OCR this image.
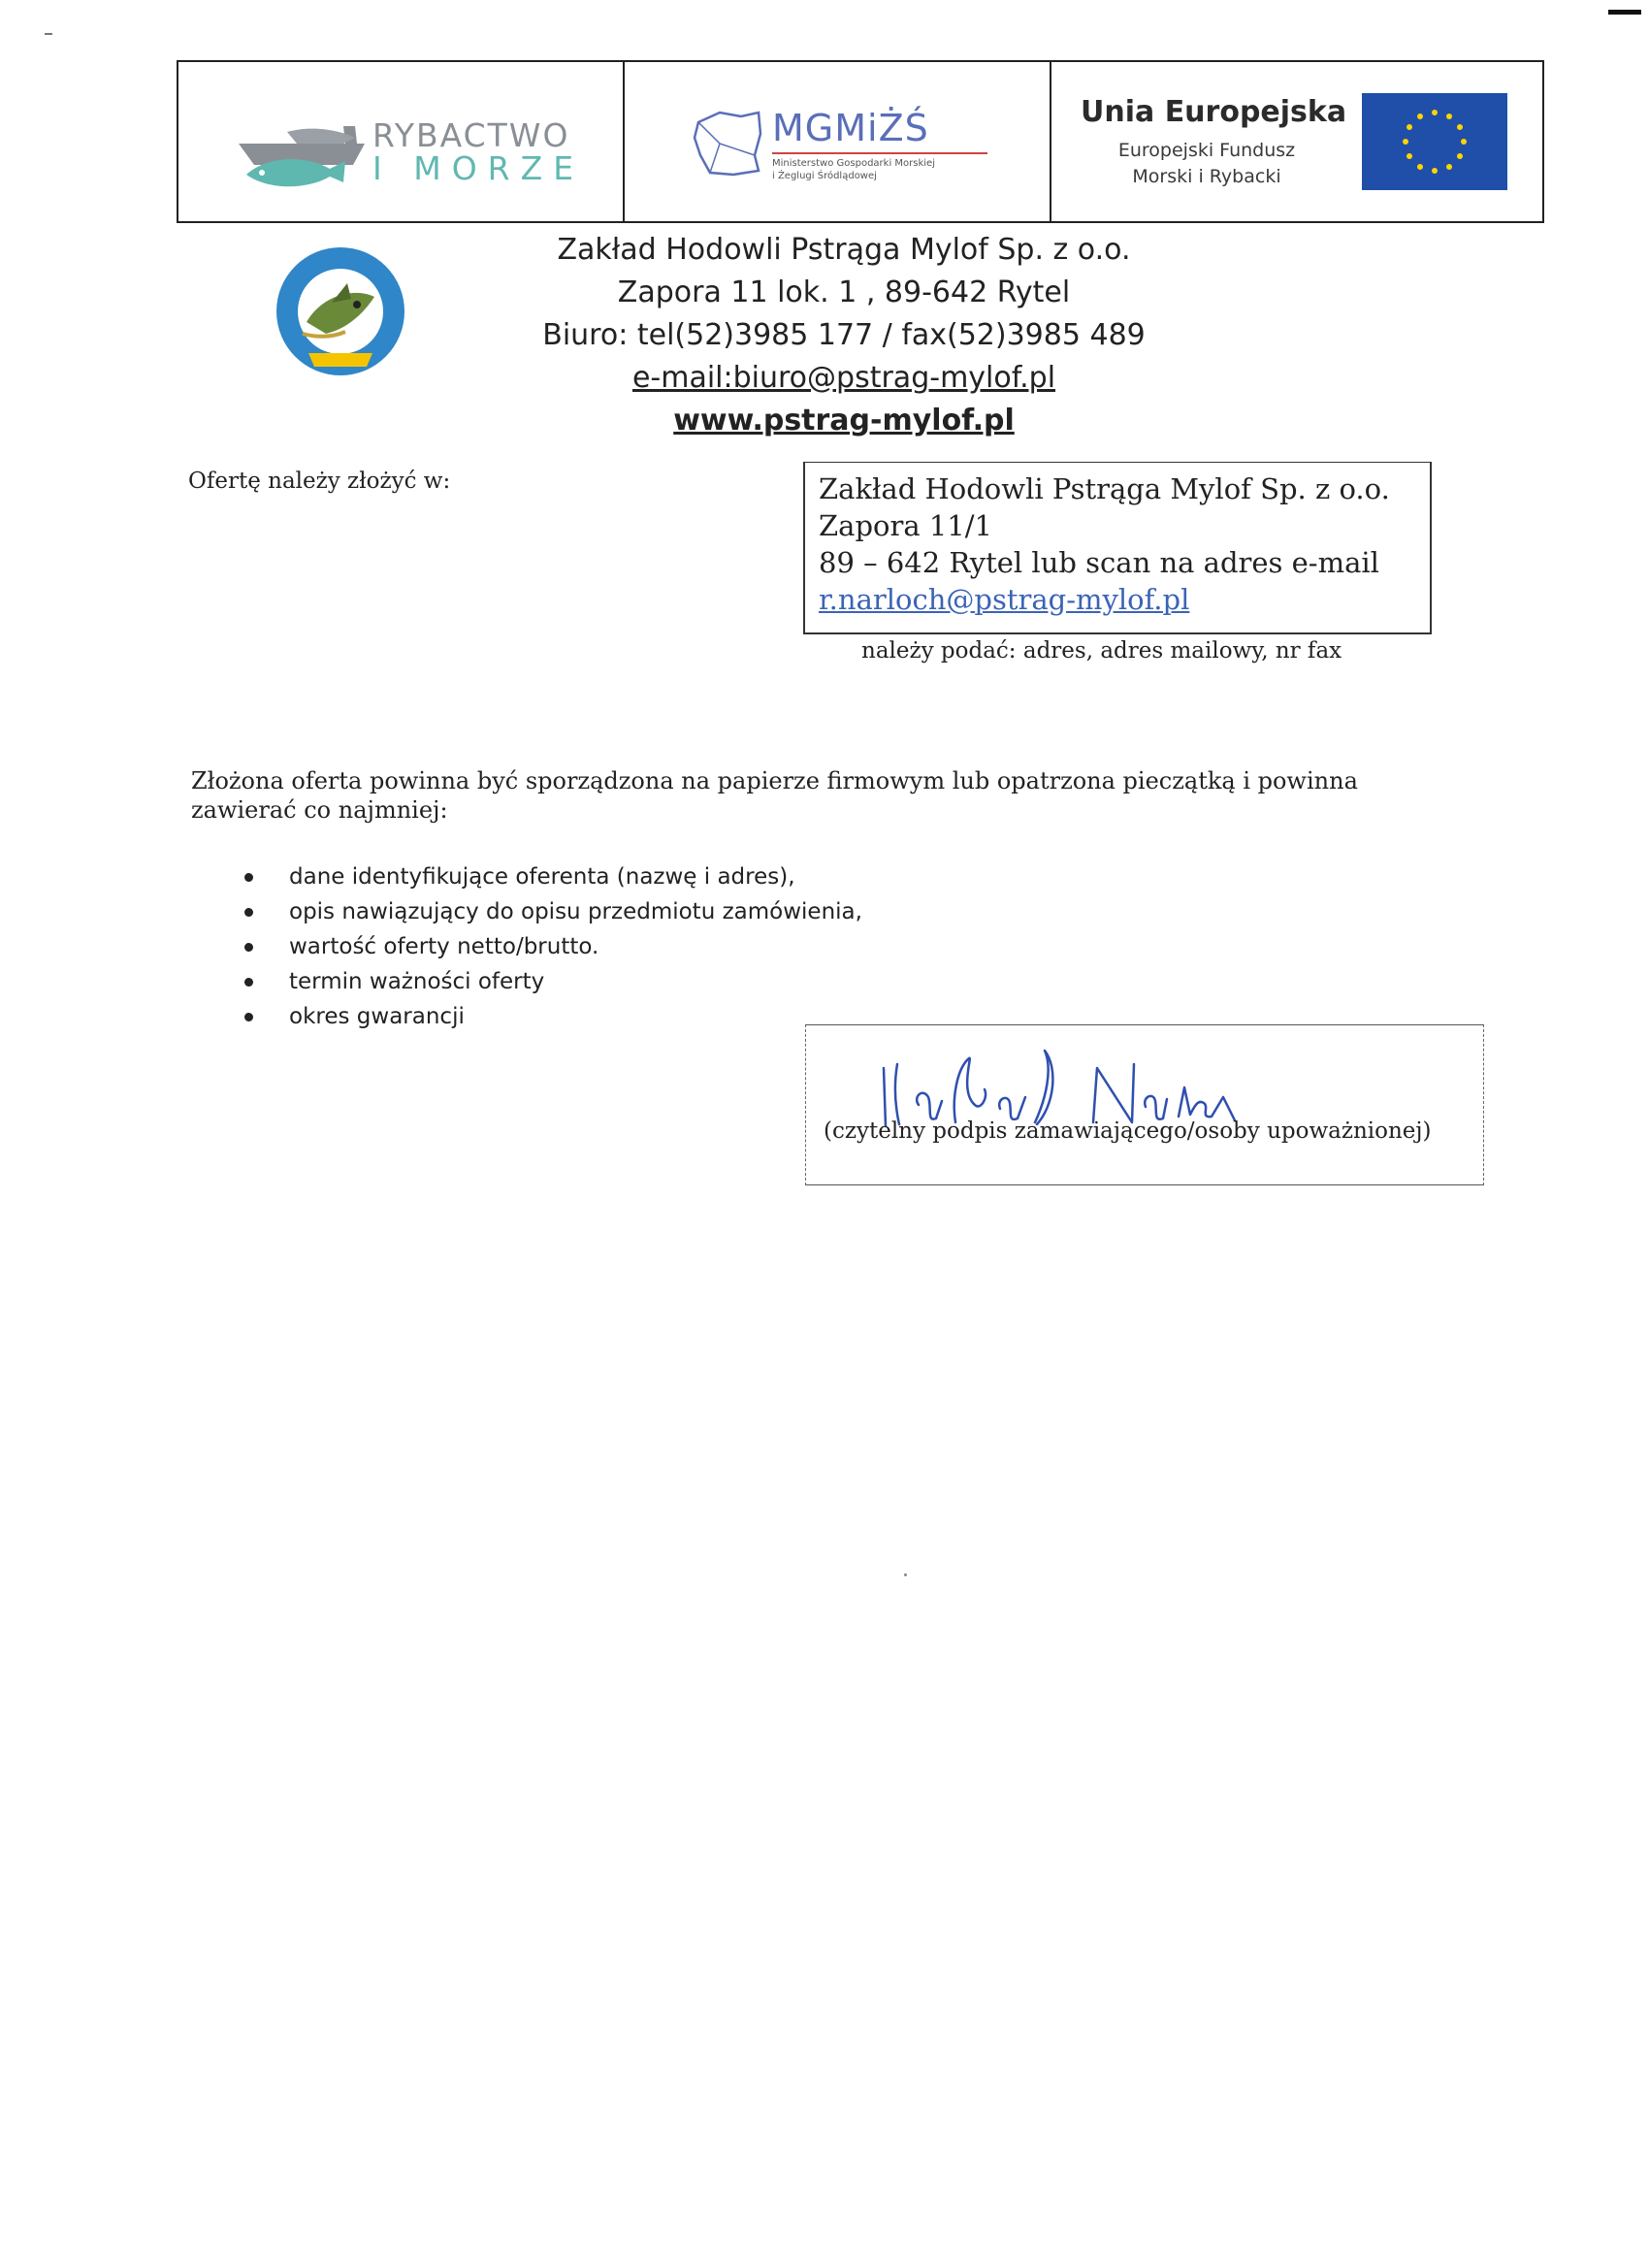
RYBACTWO
I MORZE
MGMiŻŚ
Ministerstwo Gospodarki Morskiej
i Żeglugi Śródlądowej
Unia Europejska
Europejski Fundusz
Morski i Rybacki
Zakład Hodowli Pstrąga Mylof Sp. z o.o.
Zapora 11 lok. 1 , 89-642 Rytel
Biuro: tel(52)3985 177 / fax(52)3985 489
e-mail:biuro@pstrag-mylof.pl
www.pstrag-mylof.pl
Ofertę należy złożyć w:	Zakład Hodowli Pstrąga Mylof Sp. z o.o.
Zapora 11/1
89 – 642 Rytel lub scan na adres e-mail
r.narloch@pstrag-mylof.pl
należy podać: adres, adres mailowy, nr fax
Złożona oferta powinna być sporządzona na papierze firmowym lub opatrzona pieczątką i powinna zawierać co najmniej:
dane identyfikujące oferenta (nazwę i adres),
opis nawiązujący do opisu przedmiotu zamówienia,
wartość oferty netto/brutto.
termin ważności oferty
okres gwarancji
(czytelny podpis zamawiającego/osoby upoważnionej)
